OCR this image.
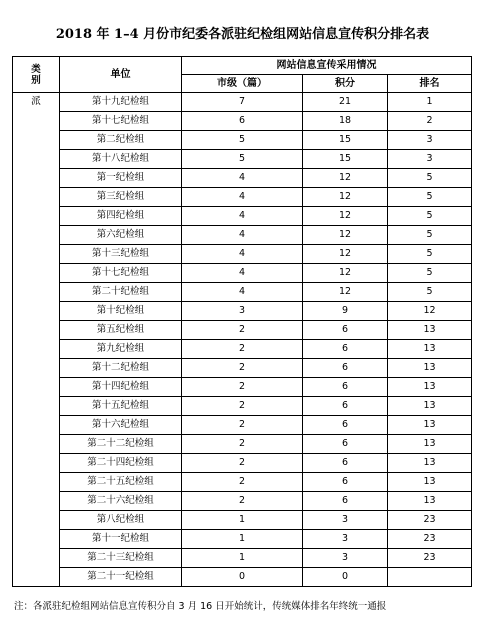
2018 年 1–4 月份市纪委各派驻纪检组网站信息宣传积分排名表
类别	单位	网站信息宣传采用情况		
		市级（篇）	积分	排名
派	第十九纪检组	7	21	1
	第十七纪检组	6	18	2
	第二纪检组	5	15	3
	第十八纪检组	5	15	3
	第一纪检组	4	12	5
	第三纪检组	4	12	5
	第四纪检组	4	12	5
	第六纪检组	4	12	5
	第十三纪检组	4	12	5
	第十七纪检组	4	12	5
	第二十纪检组	4	12	5
	第十纪检组	3	9	12
	第五纪检组	2	6	13
	第九纪检组	2	6	13
	第十二纪检组	2	6	13
	第十四纪检组	2	6	13
	第十五纪检组	2	6	13
	第十六纪检组	2	6	13
	第二十二纪检组	2	6	13
	第二十四纪检组	2	6	13
	第二十五纪检组	2	6	13
	第二十六纪检组	2	6	13
	第八纪检组	1	3	23
	第十一纪检组	1	3	23
	第二十三纪检组	1	3	23
	第二十一纪检组	0	0	
注：各派驻纪检组网站信息宣传积分自 3 月 16 日开始统计，传统媒体排名年终统一通报
